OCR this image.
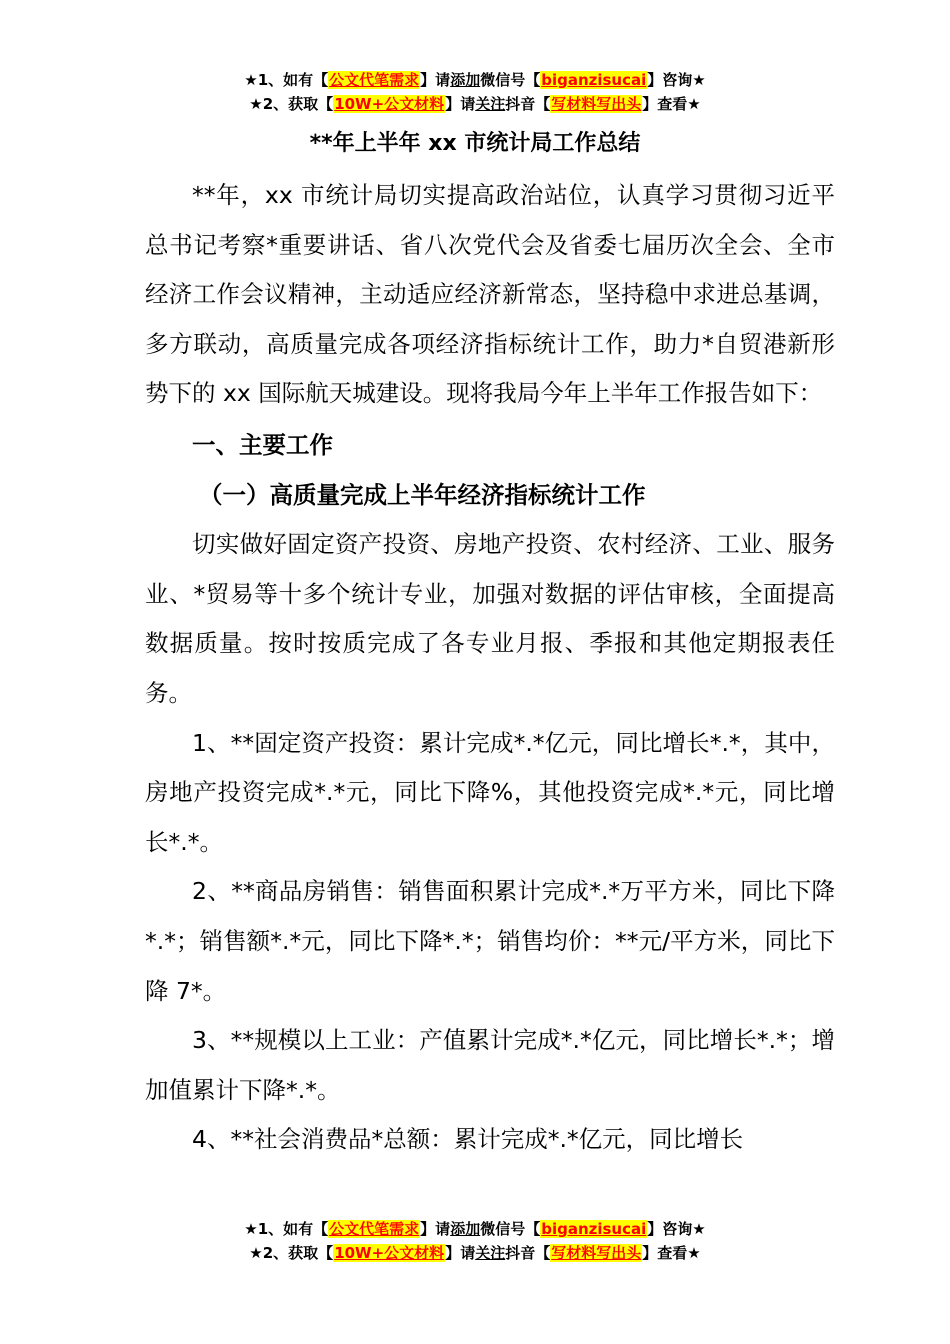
★1、如有【公文代笔需求】请添加微信号【biganzisucai】咨询★
★2、获取【10W+公文材料】请关注抖音【写材料写出头】查看★
**年上半年 xx 市统计局工作总结

**年，xx 市统计局切实提高政治站位，认真学习贯彻习近平总书记考察*重要讲话、省八次党代会及省委七届历次全会、全市经济工作会议精神，主动适应经济新常态，坚持稳中求进总基调，多方联动，高质量完成各项经济指标统计工作，助力*自贸港新形势下的 xx 国际航天城建设。现将我局今年上半年工作报告如下：

一、主要工作

（一）高质量完成上半年经济指标统计工作

切实做好固定资产投资、房地产投资、农村经济、工业、服务业、*贸易等十多个统计专业，加强对数据的评估审核，全面提高数据质量。按时按质完成了各专业月报、季报和其他定期报表任务。

1、**固定资产投资：累计完成*.*亿元，同比增长*.*，其中，房地产投资完成*.*元，同比下降%，其他投资完成*.*元，同比增长*.*。

2、**商品房销售：销售面积累计完成*.*万平方米，同比下降*.*；销售额*.*元，同比下降*.*；销售均价：**元/平方米，同比下降 7*。

3、**规模以上工业：产值累计完成*.*亿元，同比增长*.*；增加值累计下降*.*。

4、**社会消费品*总额：累计完成*.*亿元，同比增长

★1、如有【公文代笔需求】请添加微信号【biganzisucai】咨询★
★2、获取【10W+公文材料】请关注抖音【写材料写出头】查看★
